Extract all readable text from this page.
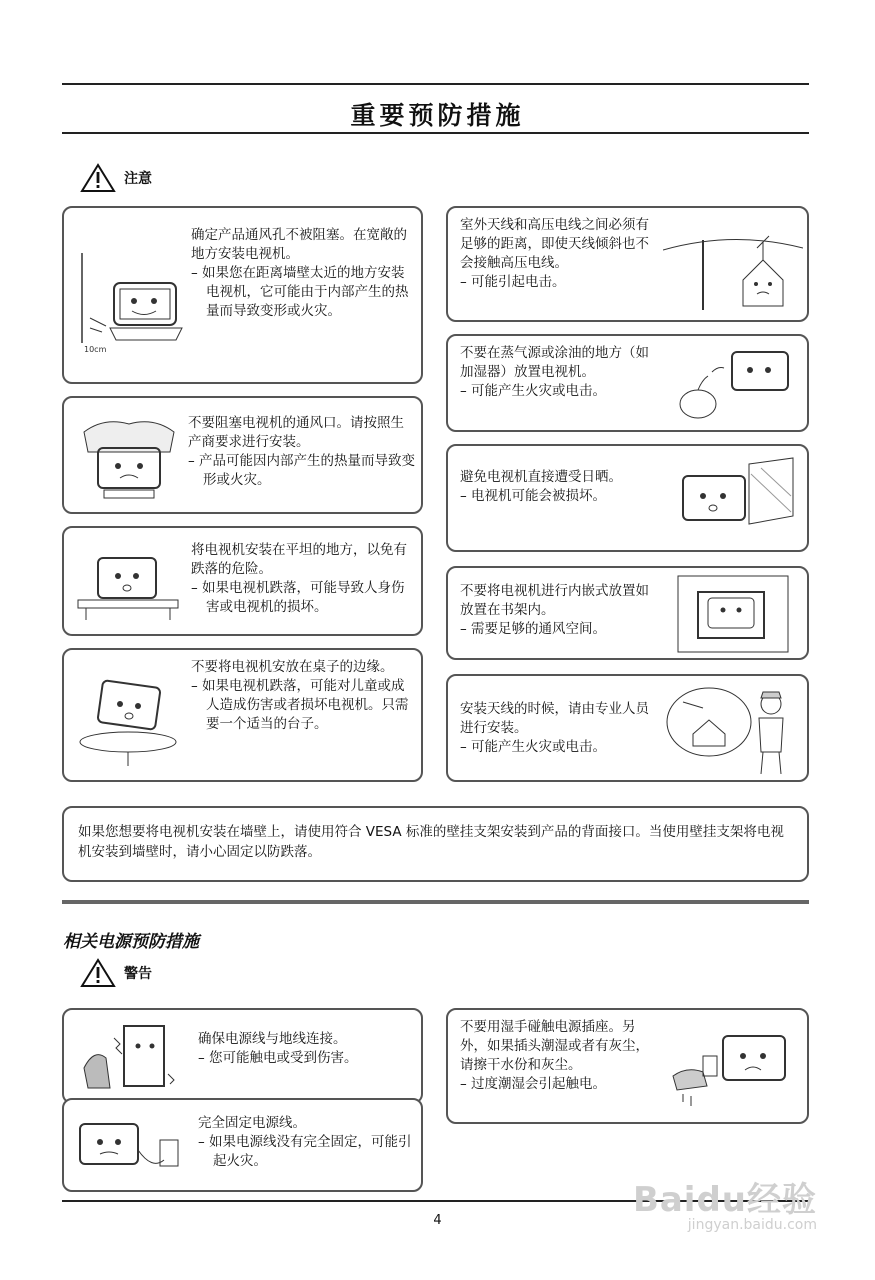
重要预防措施
注意
10cm

确定产品通风孔不被阻塞。在宽敞的地方安装电视机。

– 如果您在距离墙壁太近的地方安装电视机，它可能由于内部产生的热量而导致变形或火灾。

不要阻塞电视机的通风口。请按照生产商要求进行安装。

– 产品可能因内部产生的热量而导致变形或火灾。

将电视机安装在平坦的地方，以免有跌落的危险。

– 如果电视机跌落，可能导致人身伤害或电视机的损坏。

不要将电视机安放在桌子的边缘。

– 如果电视机跌落，可能对儿童或成人造成伤害或者损坏电视机。只需要一个适当的台子。

室外天线和高压电线之间必须有足够的距离，即使天线倾斜也不会接触高压电线。

– 可能引起电击。

不要在蒸气源或涂油的地方（如加湿器）放置电视机。

– 可能产生火灾或电击。

避免电视机直接遭受日晒。

– 电视机可能会被损坏。

不要将电视机进行内嵌式放置如放置在书架内。

– 需要足够的通风空间。

安装天线的时候，请由专业人员进行安装。

– 可能产生火灾或电击。

如果您想要将电视机安装在墙壁上，请使用符合 VESA 标准的壁挂支架安装到产品的背面接口。当使用壁挂支架将电视机安装到墙壁时，请小心固定以防跌落。
相关电源预防措施
警告

确保电源线与地线连接。

– 您可能触电或受到伤害。

完全固定电源线。

– 如果电源线没有完全固定，可能引起火灾。

不要用湿手碰触电源插座。另外，如果插头潮湿或者有灰尘，请擦干水份和灰尘。

– 过度潮湿会引起触电。

4
Baidu经验
jingyan.baidu.com
